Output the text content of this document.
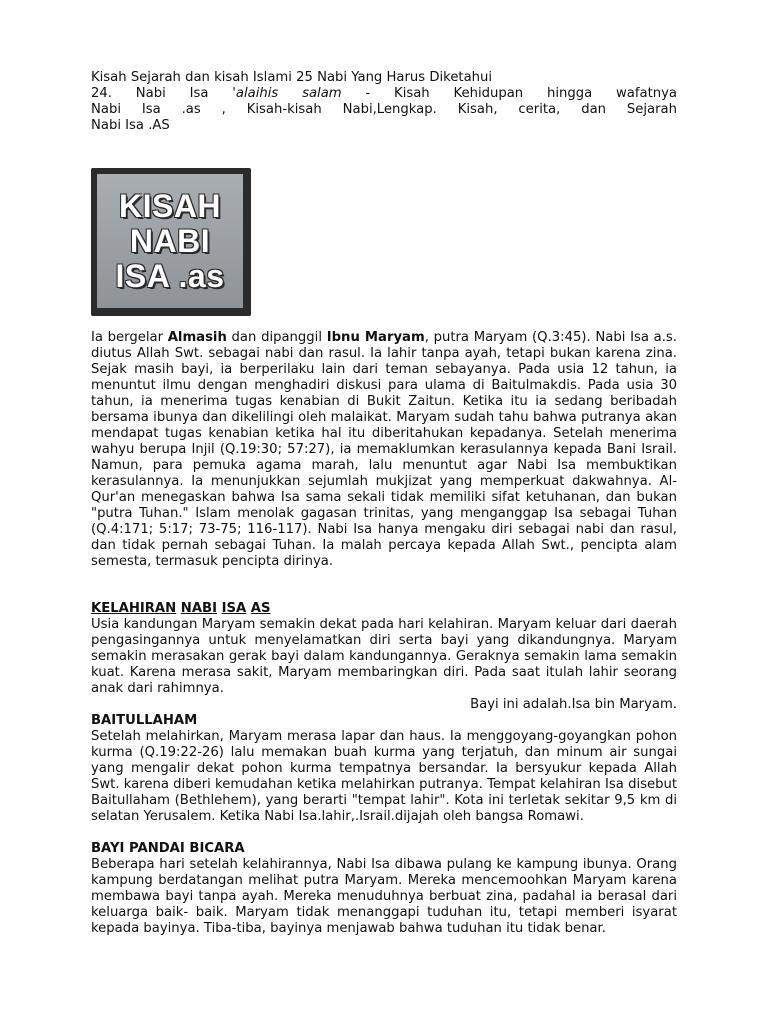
Kisah Sejarah dan kisah Islami 25 Nabi Yang Harus Diketahui
24. Nabi Isa 'alaihis salam - Kisah Kehidupan hingga wafatnya
Nabi Isa .as , Kisah-kisah Nabi,Lengkap. Kisah, cerita, dan Sejarah
Nabi Isa .AS
KISAH
NABI
ISA .as
Ia bergelar Almasih dan dipanggil Ibnu Maryam, putra Maryam (Q.3:45). Nabi Isa a.s. diutus Allah Swt. sebagai nabi dan rasul. Ia lahir tanpa ayah, tetapi bukan karena zina. Sejak masih bayi, ia berperilaku lain dari teman sebayanya. Pada usia 12 tahun, ia menuntut ilmu dengan menghadiri diskusi para ulama di Baitulmakdis. Pada usia 30 tahun, ia menerima tugas kenabian di Bukit Zaitun. Ketika itu ia sedang beribadah bersama ibunya dan dikelilingi oleh malaikat. Maryam sudah tahu bahwa putranya akan mendapat tugas kenabian ketika hal itu diberitahukan kepadanya. Setelah menerima wahyu berupa Injil (Q.19:30; 57:27), ia memaklumkan kerasulannya kepada Bani Israil. Namun, para pemuka agama marah, lalu menuntut agar Nabi Isa membuktikan kerasulannya. Ia menunjukkan sejumlah mukjizat yang memperkuat dakwahnya. Al-Qur'an menegaskan bahwa Isa sama sekali tidak memiliki sifat ketuhanan, dan bukan "putra Tuhan." Islam menolak gagasan trinitas, yang menganggap Isa sebagai Tuhan (Q.4:171; 5:17; 73-75; 116-117). Nabi Isa hanya mengaku diri sebagai nabi dan rasul, dan tidak pernah sebagai Tuhan. Ia malah percaya kepada Allah Swt., pencipta alam semesta, termasuk pencipta dirinya.
KELAHIRAN NABI ISA AS
Usia kandungan Maryam semakin dekat pada hari kelahiran. Maryam keluar dari daerah pengasingannya untuk menyelamatkan diri serta bayi yang dikandungnya. Maryam semakin merasakan gerak bayi dalam kandungannya. Geraknya semakin lama semakin kuat. Karena merasa sakit, Maryam membaringkan diri. Pada saat itulah lahir seorang anak dari rahimnya.
Bayi ini adalah.Isa bin Maryam.
BAITULLAHAM
Setelah melahirkan, Maryam merasa lapar dan haus. Ia menggoyang-goyangkan pohon kurma (Q.19:22-26) lalu memakan buah kurma yang terjatuh, dan minum air sungai yang mengalir dekat pohon kurma tempatnya bersandar. Ia bersyukur kepada Allah Swt. karena diberi kemudahan ketika melahirkan putranya. Tempat kelahiran Isa disebut Baitullaham (Bethlehem), yang berarti "tempat lahir". Kota ini terletak sekitar 9,5 km di selatan Yerusalem. Ketika Nabi Isa.lahir,.Israil.dijajah oleh bangsa Romawi.
BAYI PANDAI BICARA
Beberapa hari setelah kelahirannya, Nabi Isa dibawa pulang ke kampung ibunya. Orang kampung berdatangan melihat putra Maryam. Mereka mencemoohkan Maryam karena membawa bayi tanpa ayah. Mereka menuduhnya berbuat zina, padahal ia berasal dari keluarga baik- baik. Maryam tidak menanggapi tuduhan itu, tetapi memberi isyarat kepada bayinya. Tiba-tiba, bayinya menjawab bahwa tuduhan itu tidak benar.
